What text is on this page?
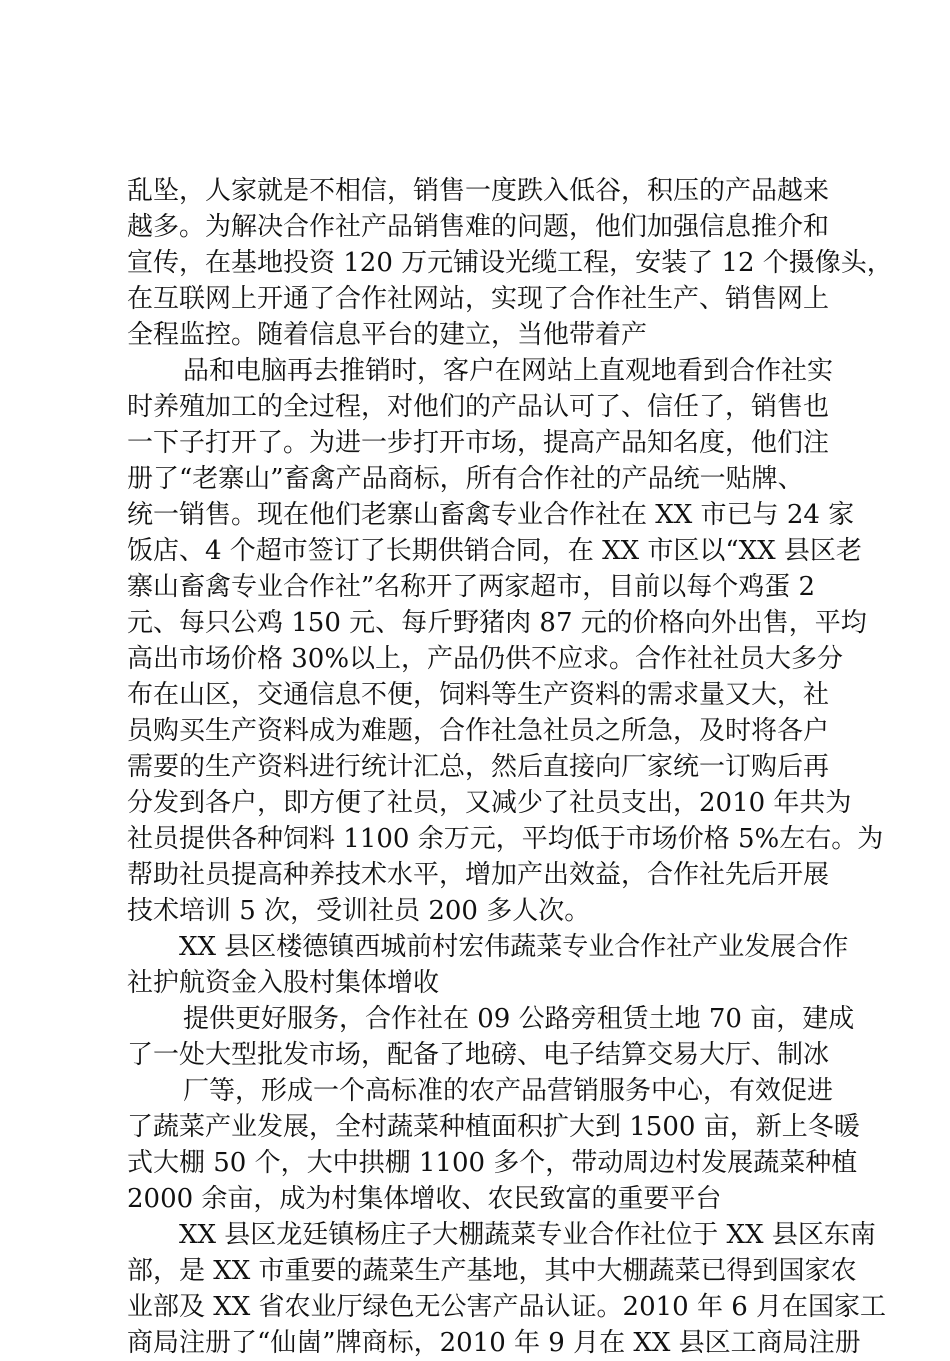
乱坠，人家就是不相信，销售一度跌入低谷，积压的产品越来
越多。为解决合作社产品销售难的问题，他们加强信息推介和
宣传，在基地投资 120 万元铺设光缆工程，安装了 12 个摄像头，
在互联网上开通了合作社网站，实现了合作社生产、销售网上
全程监控。随着信息平台的建立，当他带着产
品和电脑再去推销时，客户在网站上直观地看到合作社实
时养殖加工的全过程，对他们的产品认可了、信任了，销售也
一下子打开了。为进一步打开市场，提高产品知名度，他们注
册了“老寨山”畜禽产品商标，所有合作社的产品统一贴牌、
统一销售。现在他们老寨山畜禽专业合作社在 XX 市已与 24 家
饭店、4 个超市签订了长期供销合同，在 XX 市区以“XX 县区老
寨山畜禽专业合作社”名称开了两家超市，目前以每个鸡蛋 2
元、每只公鸡 150 元、每斤野猪肉 87 元的价格向外出售，平均
高出市场价格 30%以上，产品仍供不应求。合作社社员大多分
布在山区，交通信息不便，饲料等生产资料的需求量又大，社
员购买生产资料成为难题，合作社急社员之所急，及时将各户
需要的生产资料进行统计汇总，然后直接向厂家统一订购后再
分发到各户，即方便了社员，又减少了社员支出，2010 年共为
社员提供各种饲料 1100 余万元，平均低于市场价格 5%左右。为
帮助社员提高种养技术水平，增加产出效益，合作社先后开展
技术培训 5 次，受训社员 200 多人次。
XX 县区楼德镇西城前村宏伟蔬菜专业合作社产业发展合作
社护航资金入股村集体增收
提供更好服务，合作社在 09 公路旁租赁土地 70 亩，建成
了一处大型批发市场，配备了地磅、电子结算交易大厅、制冰
厂等，形成一个高标准的农产品营销服务中心，有效促进
了蔬菜产业发展，全村蔬菜种植面积扩大到 1500 亩，新上冬暖
式大棚 50 个，大中拱棚 1100 多个，带动周边村发展蔬菜种植
2000 余亩，成为村集体增收、农民致富的重要平台
XX 县区龙廷镇杨庄子大棚蔬菜专业合作社位于 XX 县区东南
部，是 XX 市重要的蔬菜生产基地，其中大棚蔬菜已得到国家农
业部及 XX 省农业厅绿色无公害产品认证。2010 年 6 月在国家工
商局注册了“仙崮”牌商标，2010 年 9 月在 XX 县区工商局注册
